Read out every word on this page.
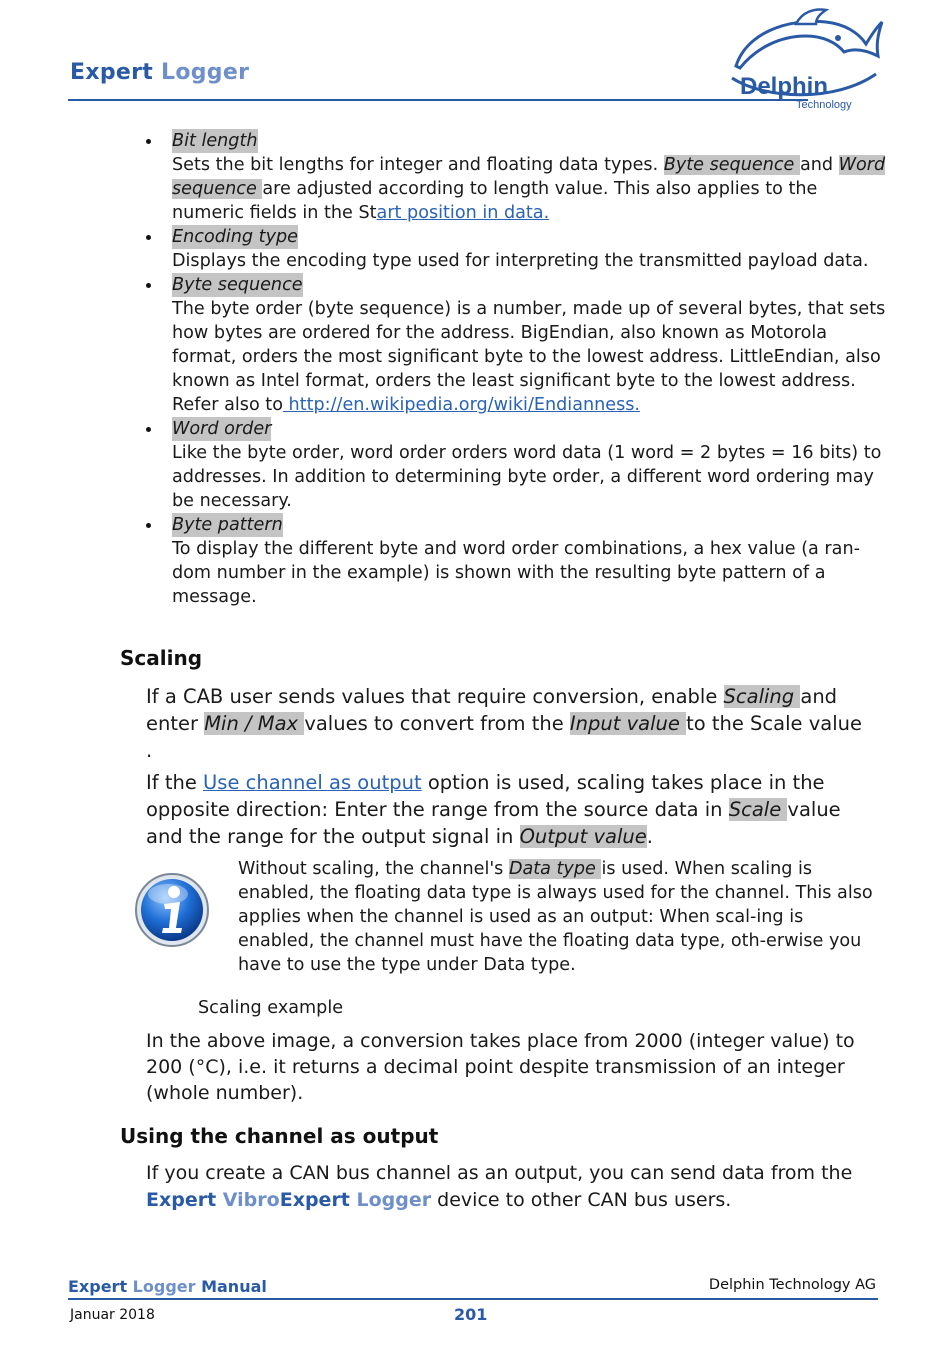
Expert Logger
Delphin
Technology
Bit length

Sets the bit lengths for integer and floating data types. Byte sequence and Word sequence are adjusted according to length value. This also applies to the numeric fields in the Start position in data.

Encoding type

Displays the encoding type used for interpreting the transmitted payload data.

Byte sequence

The byte order (byte sequence) is a number, made up of several bytes, that sets how bytes are ordered for the address. BigEndian, also known as Motorola format, orders the most significant byte to the lowest address. LittleEndian, also known as Intel format, orders the least significant byte to the lowest address. Refer also to http://en.wikipedia.org/wiki/Endianness.

Word order

Like the byte order, word order orders word data (1 word = 2 bytes = 16 bits) to addresses. In addition to determining byte order, a different word ordering may be necessary.

Byte pattern

To display the different byte and word order combinations, a hex value (a ran-dom number in the example) is shown with the resulting byte pattern of a message.

Scaling

If a CAB user sends values that require conversion, enable Scaling and enter Min / Max values to convert from the Input value to the Scale value .

If the Use channel as output option is used, scaling takes place in the opposite direction: Enter the range from the source data in Scale value and the range for the output signal in Output value.

Without scaling, the channel's Data type is used. When scaling is enabled, the floating data type is always used for the channel. This also applies when the channel is used as an output: When scal-ing is enabled, the channel must have the floating data type, oth-erwise you have to use the type under Data type.

Scaling example

In the above image, a conversion takes place from 2000 (integer value) to 200 (°C), i.e. it returns a decimal point despite transmission of an integer (whole number).

Using the channel as output

If you create a CAN bus channel as an output, you can send data from the Expert VibroExpert Logger device to other CAN bus users.

Expert Logger Manual	Delphin Technology AG
Januar 2018	201
